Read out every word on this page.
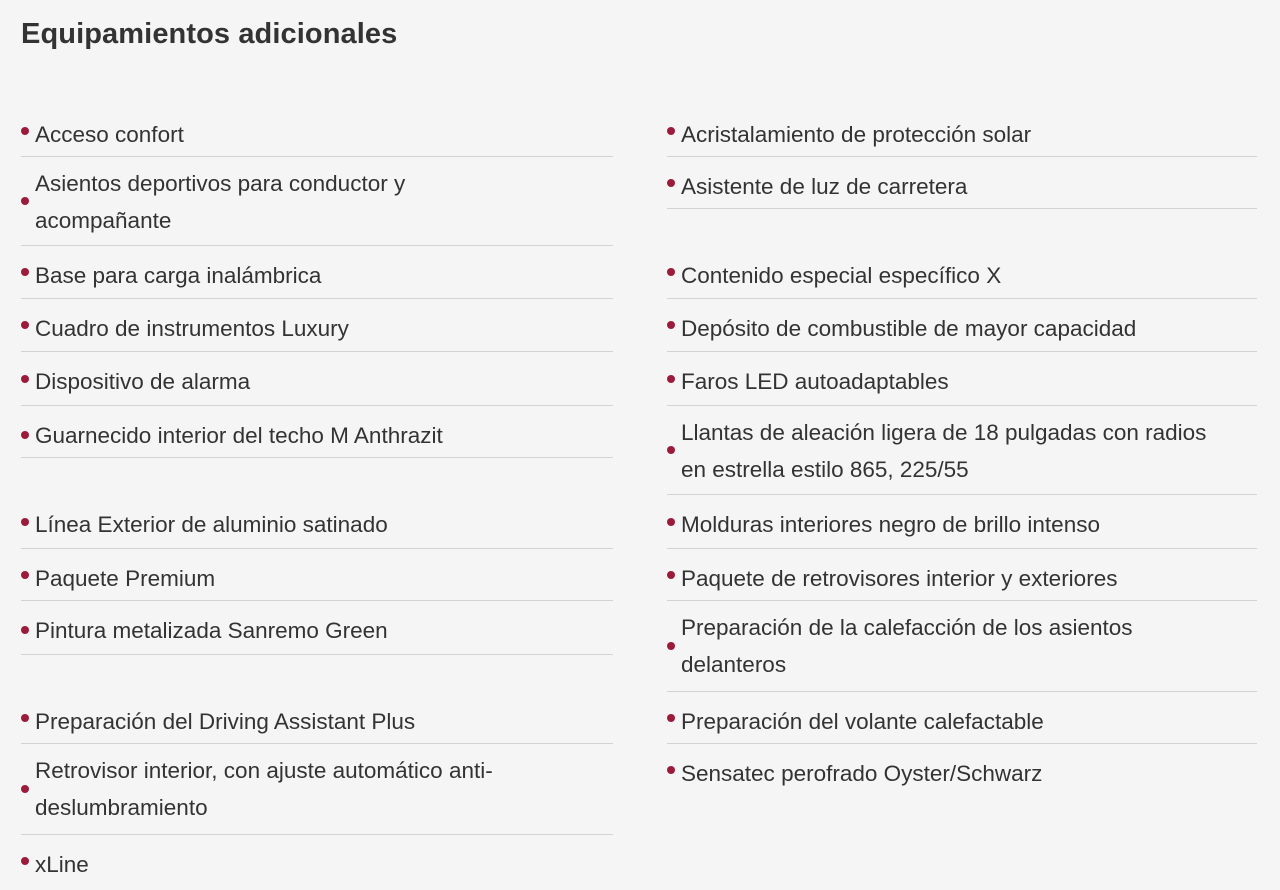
Equipamientos adicionales
Acceso confort
Asientos deportivos para conductor y acompañante
Base para carga inalámbrica
Cuadro de instrumentos Luxury
Dispositivo de alarma
Guarnecido interior del techo M Anthrazit
Línea Exterior de aluminio satinado
Paquete Premium
Pintura metalizada Sanremo Green
Preparación del Driving Assistant Plus
Retrovisor interior, con ajuste automático anti-deslumbramiento
xLine
Acristalamiento de protección solar
Asistente de luz de carretera
Contenido especial específico X
Depósito de combustible de mayor capacidad
Faros LED autoadaptables
Llantas de aleación ligera de 18 pulgadas con radios en estrella estilo 865, 225/55
Molduras interiores negro de brillo intenso
Paquete de retrovisores interior y exteriores
Preparación de la calefacción de los asientos delanteros
Preparación del volante calefactable
Sensatec perofrado Oyster/Schwarz
